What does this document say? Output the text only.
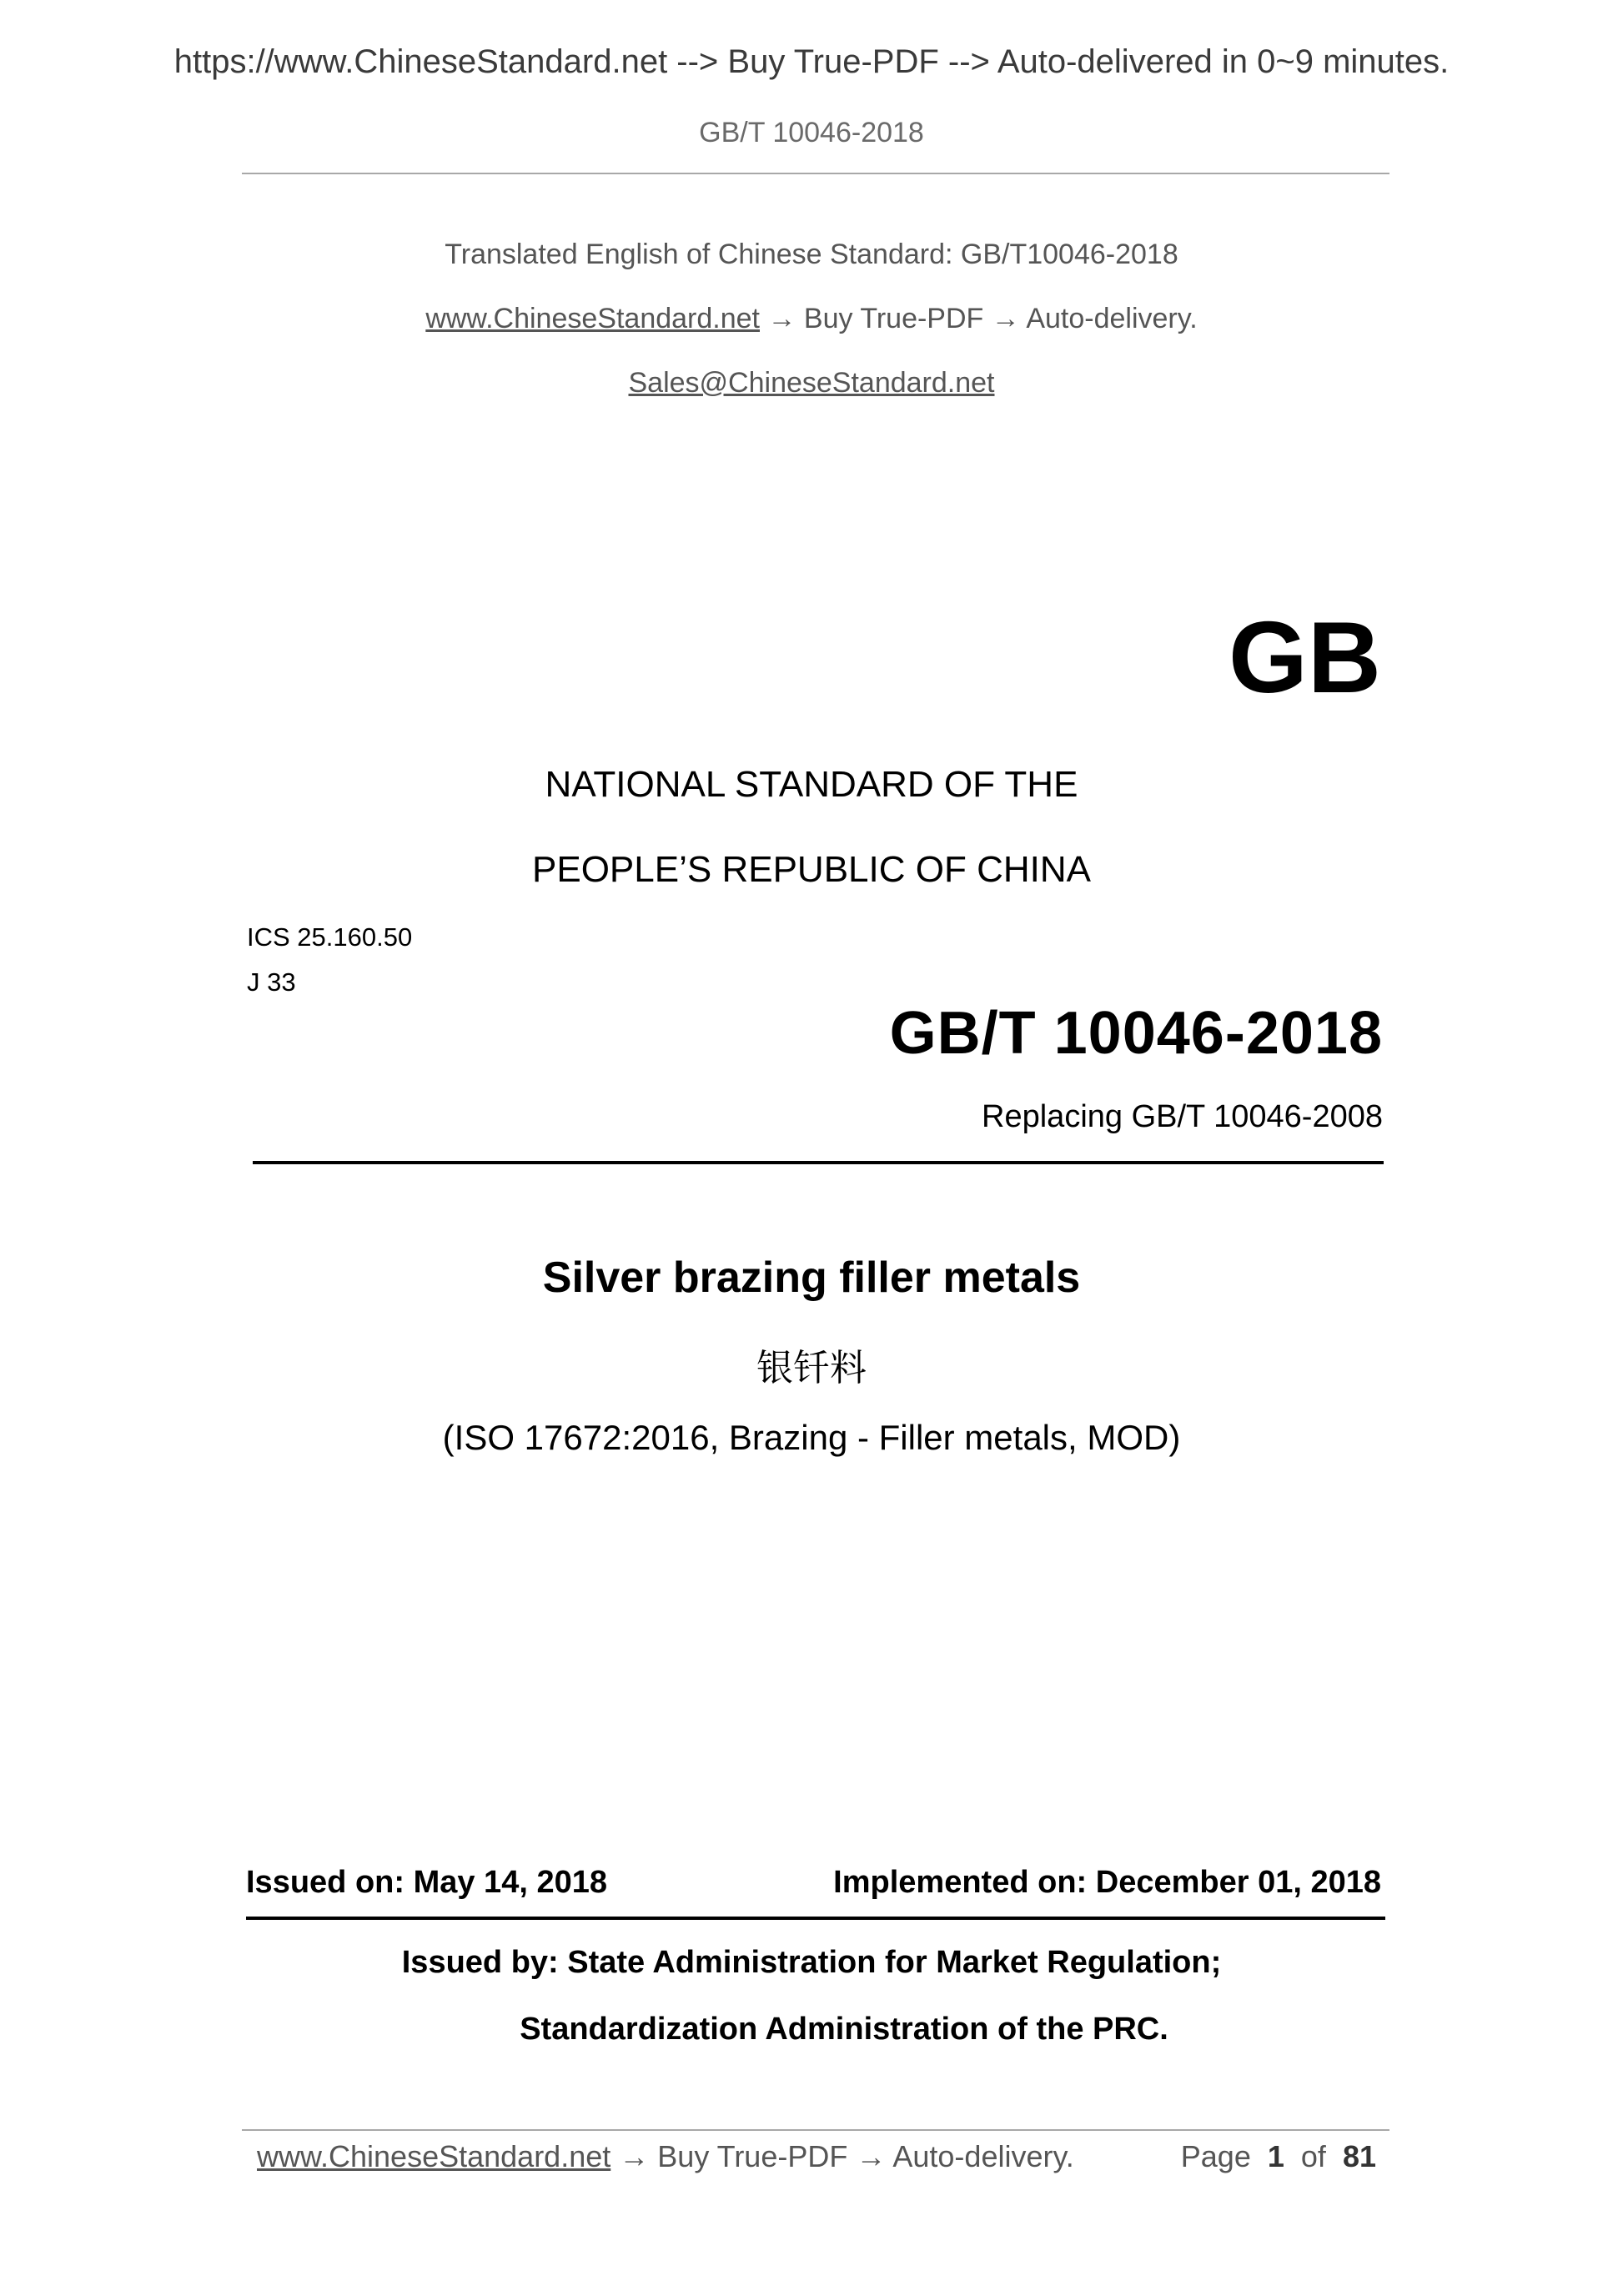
https://www.ChineseStandard.net --> Buy True-PDF --> Auto-delivered in 0~9 minutes.
GB/T 10046-2018
Translated English of Chinese Standard: GB/T10046-2018
www.ChineseStandard.net → Buy True-PDF → Auto-delivery.
Sales@ChineseStandard.net
GB
NATIONAL STANDARD OF THE
PEOPLE’S REPUBLIC OF CHINA
ICS 25.160.50
J 33
GB/T 10046-2018
Replacing GB/T 10046-2008
Silver brazing filler metals
银钎料
(ISO 17672:2016, Brazing - Filler metals, MOD)
Issued on: May 14, 2018	Implemented on: December 01, 2018
Issued by: State Administration for Market Regulation;
Standardization Administration of the PRC.
www.ChineseStandard.net → Buy True-PDF → Auto-delivery.	Page 1 of 81
